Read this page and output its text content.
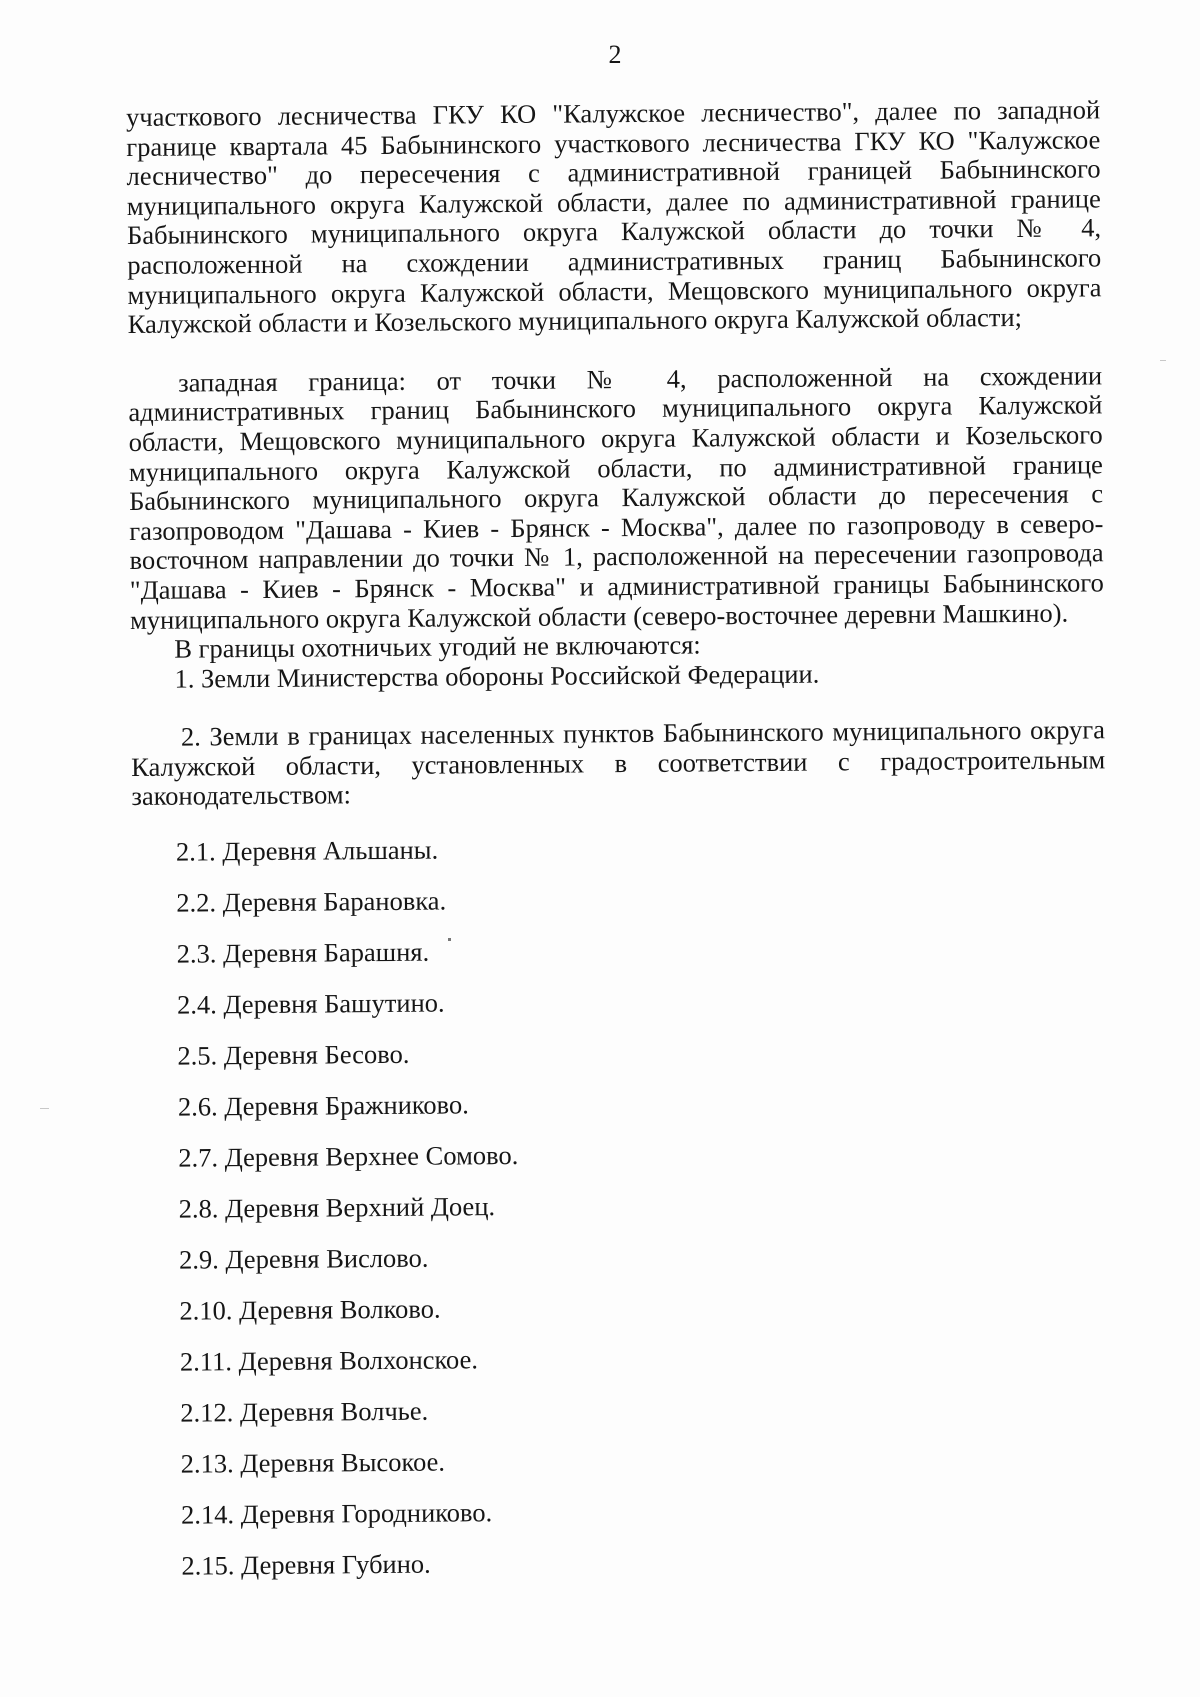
2

участкового лесничества ГКУ КО "Калужское лесничество", далее по западной границе квартала 45 Бабынинского участкового лесничества ГКУ КО "Калужское лесничество" до пересечения с административной границей Бабынинского муниципального округа Калужской области, далее по административной границе Бабынинского муниципального округа Калужской области до точки № 4, расположенной на схождении административных границ Бабынинского муниципального округа Калужской области, Мещовского муниципального округа Калужской области и Козельского муниципального округа Калужской области;

западная граница: от точки № 4, расположенной на схождении административных границ Бабынинского муниципального округа Калужской области, Мещовского муниципального округа Калужской области и Козельского муниципального округа Калужской области, по административной границе Бабынинского муниципального округа Калужской области до пересечения с газопроводом "Дашава - Киев - Брянск - Москва", далее по газопроводу в северо-восточном направлении до точки № 1, расположенной на пересечении газопровода "Дашава - Киев - Брянск - Москва" и административной границы Бабынинского муниципального округа Калужской области (северо-восточнее деревни Машкино).

В границы охотничьих угодий не включаются:

1. Земли Министерства обороны Российской Федерации.

2. Земли в границах населенных пунктов Бабынинского муниципального округа Калужской области, установленных в соответствии с градостроительным законодательством:

2.1. Деревня Альшаны.

2.2. Деревня Барановка.

2.3. Деревня Барашня.

2.4. Деревня Башутино.

2.5. Деревня Бесово.

2.6. Деревня Бражниково.

2.7. Деревня Верхнее Сомово.

2.8. Деревня Верхний Доец.

2.9. Деревня Вислово.

2.10. Деревня Волково.

2.11. Деревня Волхонское.

2.12. Деревня Волчье.

2.13. Деревня Высокое.

2.14. Деревня Городниково.

2.15. Деревня Губино.
